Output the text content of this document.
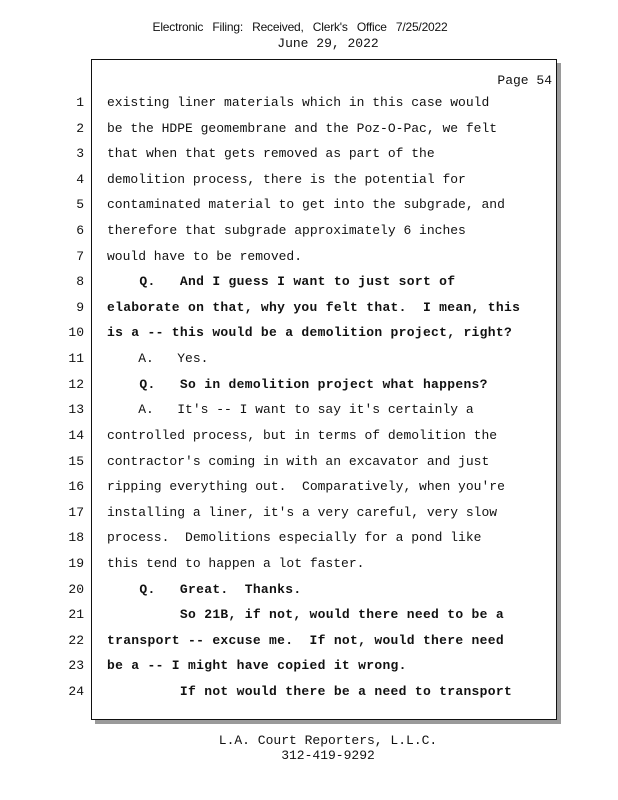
Electronic Filing: Received, Clerk's Office 7/25/2022
June 29, 2022
Page 54
1 existing liner materials which in this case would
2 be the HDPE geomembrane and the Poz-O-Pac, we felt
3 that when that gets removed as part of the
4 demolition process, there is the potential for
5 contaminated material to get into the subgrade, and
6 therefore that subgrade approximately 6 inches
7 would have to be removed.
8 Q.   And I guess I want to just sort of
9 elaborate on that, why you felt that.  I mean, this
10 is a -- this would be a demolition project, right?
11 A.   Yes.
12 Q.   So in demolition project what happens?
13 A.   It's -- I want to say it's certainly a
14 controlled process, but in terms of demolition the
15 contractor's coming in with an excavator and just
16 ripping everything out.  Comparatively, when you're
17 installing a liner, it's a very careful, very slow
18 process.  Demolitions especially for a pond like
19 this tend to happen a lot faster.
20 Q.   Great.  Thanks.
21 So 21B, if not, would there need to be a
22 transport -- excuse me.  If not, would there need
23 be a -- I might have copied it wrong.
24 If not would there be a need to transport
L.A. Court Reporters, L.L.C.
312-419-9292
